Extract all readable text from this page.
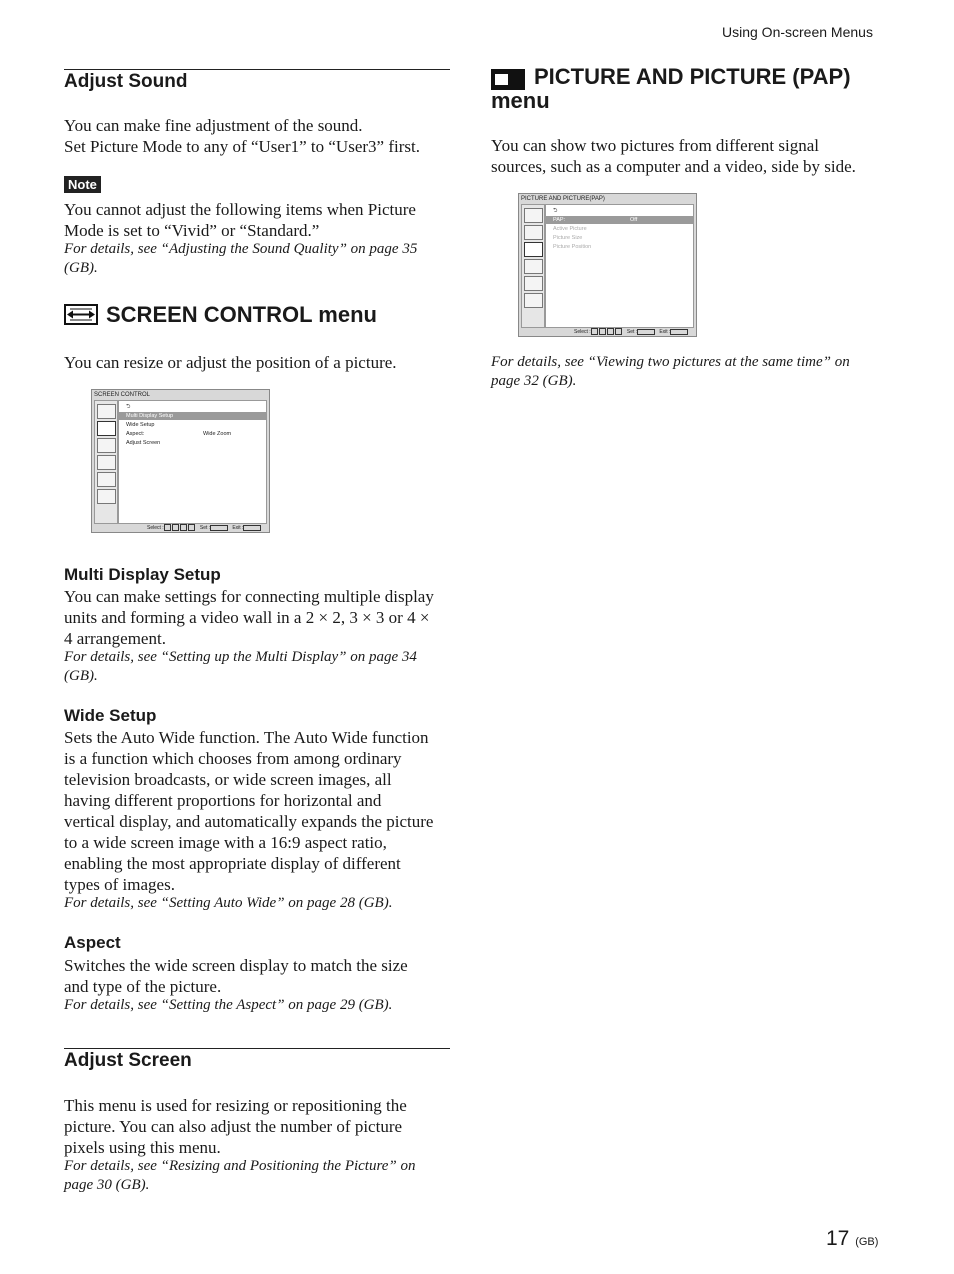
Using On-screen Menus
Adjust Sound
You can make fine adjustment of the sound.
Set Picture Mode to any of “User1” to “User3” first.
Note
You cannot adjust the following items when Picture
Mode is set to “Vivid” or “Standard.”
For details, see “Adjusting the Sound Quality” on page 35
(GB).
SCREEN CONTROL menu
You can resize or adjust the position of a picture.
SCREEN CONTROL
⮌
Multi Display Setup
Wide Setup
Aspect:	Wide Zoom
Adjust Screen
Select :	Set :	Exit :
Multi Display Setup
You can make settings for connecting multiple display
units and forming a video wall in a 2 × 2, 3 × 3 or 4 ×
4 arrangement.
For details, see “Setting up the Multi Display” on page 34
(GB).
Wide Setup
Sets the Auto Wide function. The Auto Wide function
is a function which chooses from among ordinary
television broadcasts, or wide screen images, all
having different proportions for horizontal and
vertical display, and automatically expands the picture
to a wide screen image with a 16:9 aspect ratio,
enabling the most appropriate display of different
types of images.
For details, see “Setting Auto Wide” on page 28 (GB).
Aspect
Switches the wide screen display to match the size
and type of the picture.
For details, see “Setting the Aspect” on page 29 (GB).
Adjust Screen
This menu is used for resizing or repositioning the
picture. You can also adjust the number of picture
pixels using this menu.
For details, see “Resizing and Positioning the Picture” on
page 30 (GB).
PICTURE AND PICTURE (PAP)
menu
You can show two pictures from different signal
sources, such as a computer and a video, side by side.
PICTURE AND PICTURE(PAP)
⮌
PAP:	Off
Active Picture
Picture Size
Picture Position
Select :	Set :	Exit :
For details, see “Viewing two pictures at the same time” on
page 32 (GB).
17 (GB)
